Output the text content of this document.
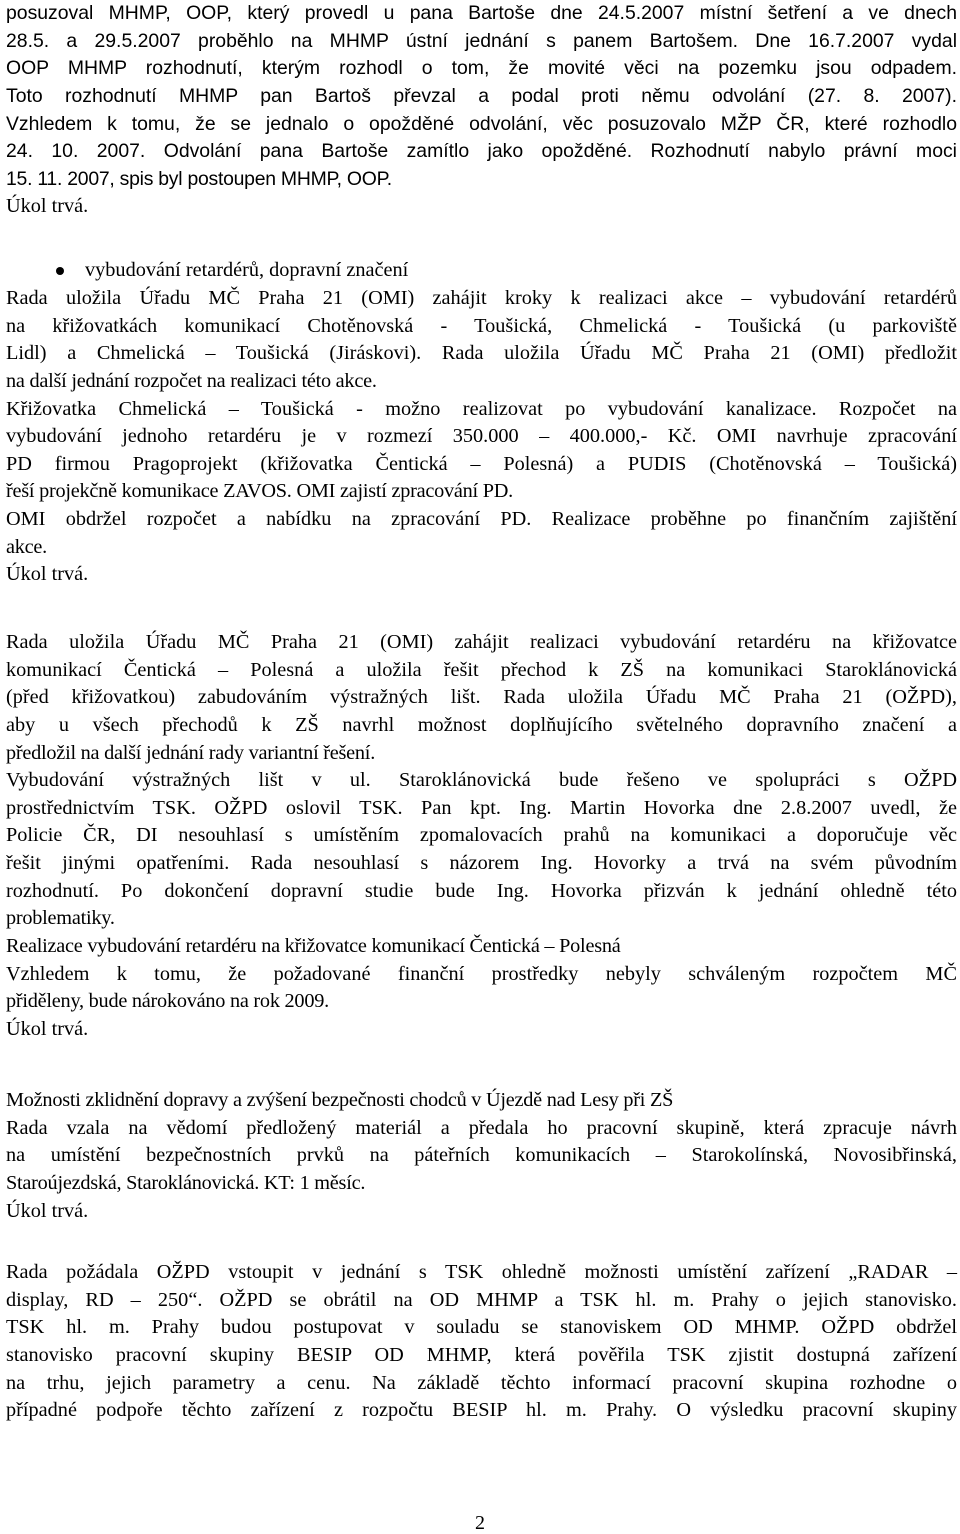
posuzoval MHMP, OOP, který provedl u pana Bartoše dne 24.5.2007 místní šetření a ve dnech
28.5. a 29.5.2007 proběhlo na MHMP ústní jednání s panem Bartošem. Dne 16.7.2007 vydal
OOP MHMP rozhodnutí, kterým rozhodl o tom, že movité věci na pozemku jsou odpadem.
Toto rozhodnutí MHMP pan Bartoš převzal a podal proti němu odvolání (27. 8. 2007).
Vzhledem k tomu, že se jednalo o opožděné odvolání, věc posuzovalo MŽP ČR, které rozhodlo
24. 10. 2007. Odvolání pana Bartoše zamítlo jako opožděné. Rozhodnutí nabylo právní moci
15. 11. 2007, spis byl postoupen MHMP, OOP.
Úkol trvá.
vybudování retardérů, dopravní značení
Rada uložila Úřadu MČ Praha 21 (OMI) zahájit kroky k realizaci akce – vybudování retardérů
na křižovatkách komunikací Chotěnovská - Toušická, Chmelická - Toušická (u parkoviště
Lidl) a Chmelická – Toušická (Jiráskovi). Rada uložila Úřadu MČ Praha 21 (OMI) předložit
na další jednání rozpočet na realizaci této akce.
Křižovatka Chmelická – Toušická - možno realizovat po vybudování kanalizace. Rozpočet na
vybudování jednoho retardéru je v rozmezí 350.000 – 400.000,- Kč. OMI navrhuje zpracování
PD firmou Pragoprojekt (křižovatka Čentická – Polesná) a PUDIS (Chotěnovská – Toušická)
řeší projekčně komunikace ZAVOS. OMI zajistí zpracování PD.
OMI obdržel rozpočet a nabídku na zpracování PD. Realizace proběhne po finančním zajištění
akce.
Úkol trvá.
Rada uložila Úřadu MČ Praha 21 (OMI) zahájit realizaci vybudování retardéru na křižovatce
komunikací Čentická – Polesná a uložila řešit přechod k ZŠ na komunikaci Staroklánovická
(před křižovatkou) zabudováním výstražných lišt. Rada uložila Úřadu MČ Praha 21 (OŽPD),
aby u všech přechodů k ZŠ navrhl možnost doplňujícího světelného dopravního značení a
předložil na další jednání rady variantní řešení.
Vybudování výstražných lišt v ul. Staroklánovická bude řešeno ve spolupráci s OŽPD
prostřednictvím TSK. OŽPD oslovil TSK. Pan kpt. Ing. Martin Hovorka dne 2.8.2007 uvedl, že
Policie ČR, DI nesouhlasí s umístěním zpomalovacích prahů na komunikaci a doporučuje věc
řešit jinými opatřeními. Rada nesouhlasí s názorem Ing. Hovorky a trvá na svém původním
rozhodnutí. Po dokončení dopravní studie bude Ing. Hovorka přizván k jednání ohledně této
problematiky.
Realizace vybudování retardéru na křižovatce komunikací Čentická – Polesná
Vzhledem k tomu, že požadované finanční prostředky nebyly schváleným rozpočtem MČ
přiděleny, bude nárokováno na rok 2009.
Úkol trvá.
Možnosti zklidnění dopravy a zvýšení bezpečnosti chodců v Újezdě nad Lesy při ZŠ
Rada vzala na vědomí předložený materiál a předala ho pracovní skupině, která zpracuje návrh
na umístění bezpečnostních prvků na páteřních komunikacích – Starokolínská, Novosibřinská,
Staroújezdská, Staroklánovická. KT: 1 měsíc.
Úkol trvá.
Rada požádala OŽPD vstoupit v jednání s TSK ohledně možnosti umístění zařízení „RADAR –
display, RD – 250“. OŽPD se obrátil na OD MHMP a TSK hl. m. Prahy o jejich stanovisko.
TSK hl. m. Prahy budou postupovat v souladu se stanoviskem OD MHMP. OŽPD obdržel
stanovisko pracovní skupiny BESIP OD MHMP, která pověřila TSK zjistit dostupná zařízení
na trhu, jejich parametry a cenu. Na základě těchto informací pracovní skupina rozhodne o
případné podpoře těchto zařízení z rozpočtu BESIP hl. m. Prahy. O výsledku pracovní skupiny
2
